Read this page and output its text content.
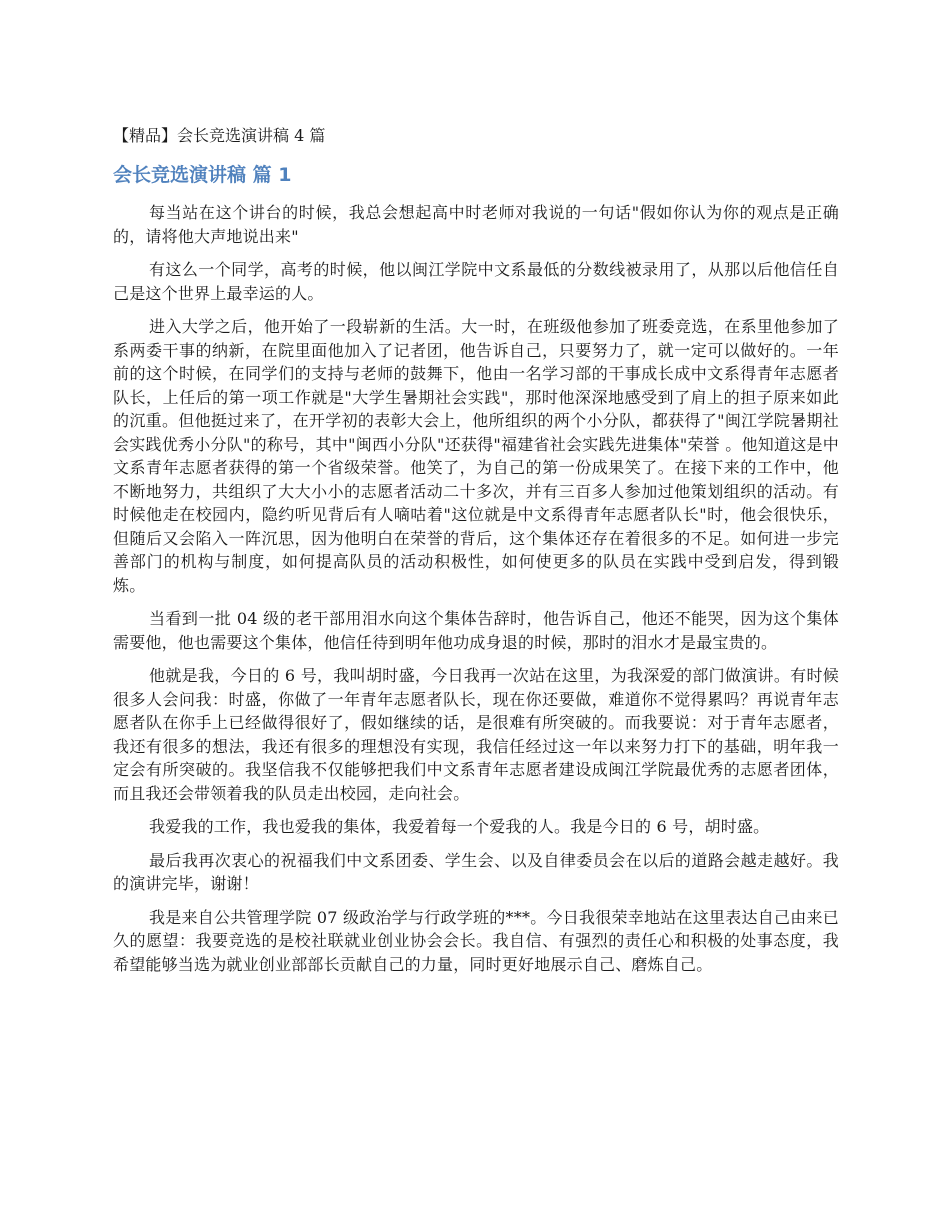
【精品】会长竞选演讲稿 4 篇
会长竞选演讲稿 篇 1

每当站在这个讲台的时候，我总会想起高中时老师对我说的一句话"假如你认为你的观点是正确的，请将他大声地说出来"

有这么一个同学，高考的时候，他以闽江学院中文系最低的分数线被录用了，从那以后他信任自己是这个世界上最幸运的人。

进入大学之后，他开始了一段崭新的生活。大一时，在班级他参加了班委竞选，在系里他参加了系两委干事的纳新，在院里面他加入了记者团，他告诉自己，只要努力了，就一定可以做好的。一年前的这个时候，在同学们的支持与老师的鼓舞下，他由一名学习部的干事成长成中文系得青年志愿者队长，上任后的第一项工作就是"大学生暑期社会实践"，那时他深深地感受到了肩上的担子原来如此的沉重。但他挺过来了，在开学初的表彰大会上，他所组织的两个小分队，都获得了"闽江学院暑期社会实践优秀小分队"的称号，其中"闽西小分队"还获得"福建省社会实践先进集体"荣誉 。他知道这是中文系青年志愿者获得的第一个省级荣誉。他笑了，为自己的第一份成果笑了。在接下来的工作中，他不断地努力，共组织了大大小小的志愿者活动二十多次，并有三百多人参加过他策划组织的活动。有时候他走在校园内，隐约听见背后有人嘀咕着"这位就是中文系得青年志愿者队长"时，他会很快乐，但随后又会陷入一阵沉思，因为他明白在荣誉的背后，这个集体还存在着很多的不足。如何进一步完善部门的机构与制度，如何提高队员的活动积极性，如何使更多的队员在实践中受到启发，得到锻炼。

当看到一批 04 级的老干部用泪水向这个集体告辞时，他告诉自己，他还不能哭，因为这个集体需要他，他也需要这个集体，他信任待到明年他功成身退的时候，那时的泪水才是最宝贵的。

他就是我，今日的 6 号，我叫胡时盛，今日我再一次站在这里，为我深爱的部门做演讲。有时候很多人会问我：时盛，你做了一年青年志愿者队长，现在你还要做，难道你不觉得累吗？再说青年志愿者队在你手上已经做得很好了，假如继续的话，是很难有所突破的。而我要说：对于青年志愿者，我还有很多的想法，我还有很多的理想没有实现，我信任经过这一年以来努力打下的基础，明年我一定会有所突破的。我坚信我不仅能够把我们中文系青年志愿者建设成闽江学院最优秀的志愿者团体，而且我还会带领着我的队员走出校园，走向社会。

我爱我的工作，我也爱我的集体，我爱着每一个爱我的人。我是今日的 6 号，胡时盛。

最后我再次衷心的祝福我们中文系团委、学生会、以及自律委员会在以后的道路会越走越好。我的演讲完毕，谢谢！

我是来自公共管理学院 07 级政治学与行政学班的***。今日我很荣幸地站在这里表达自己由来已久的愿望：我要竞选的是校社联就业创业协会会长。我自信、有强烈的责任心和积极的处事态度，我希望能够当选为就业创业部部长贡献自己的力量，同时更好地展示自己、磨炼自己。
